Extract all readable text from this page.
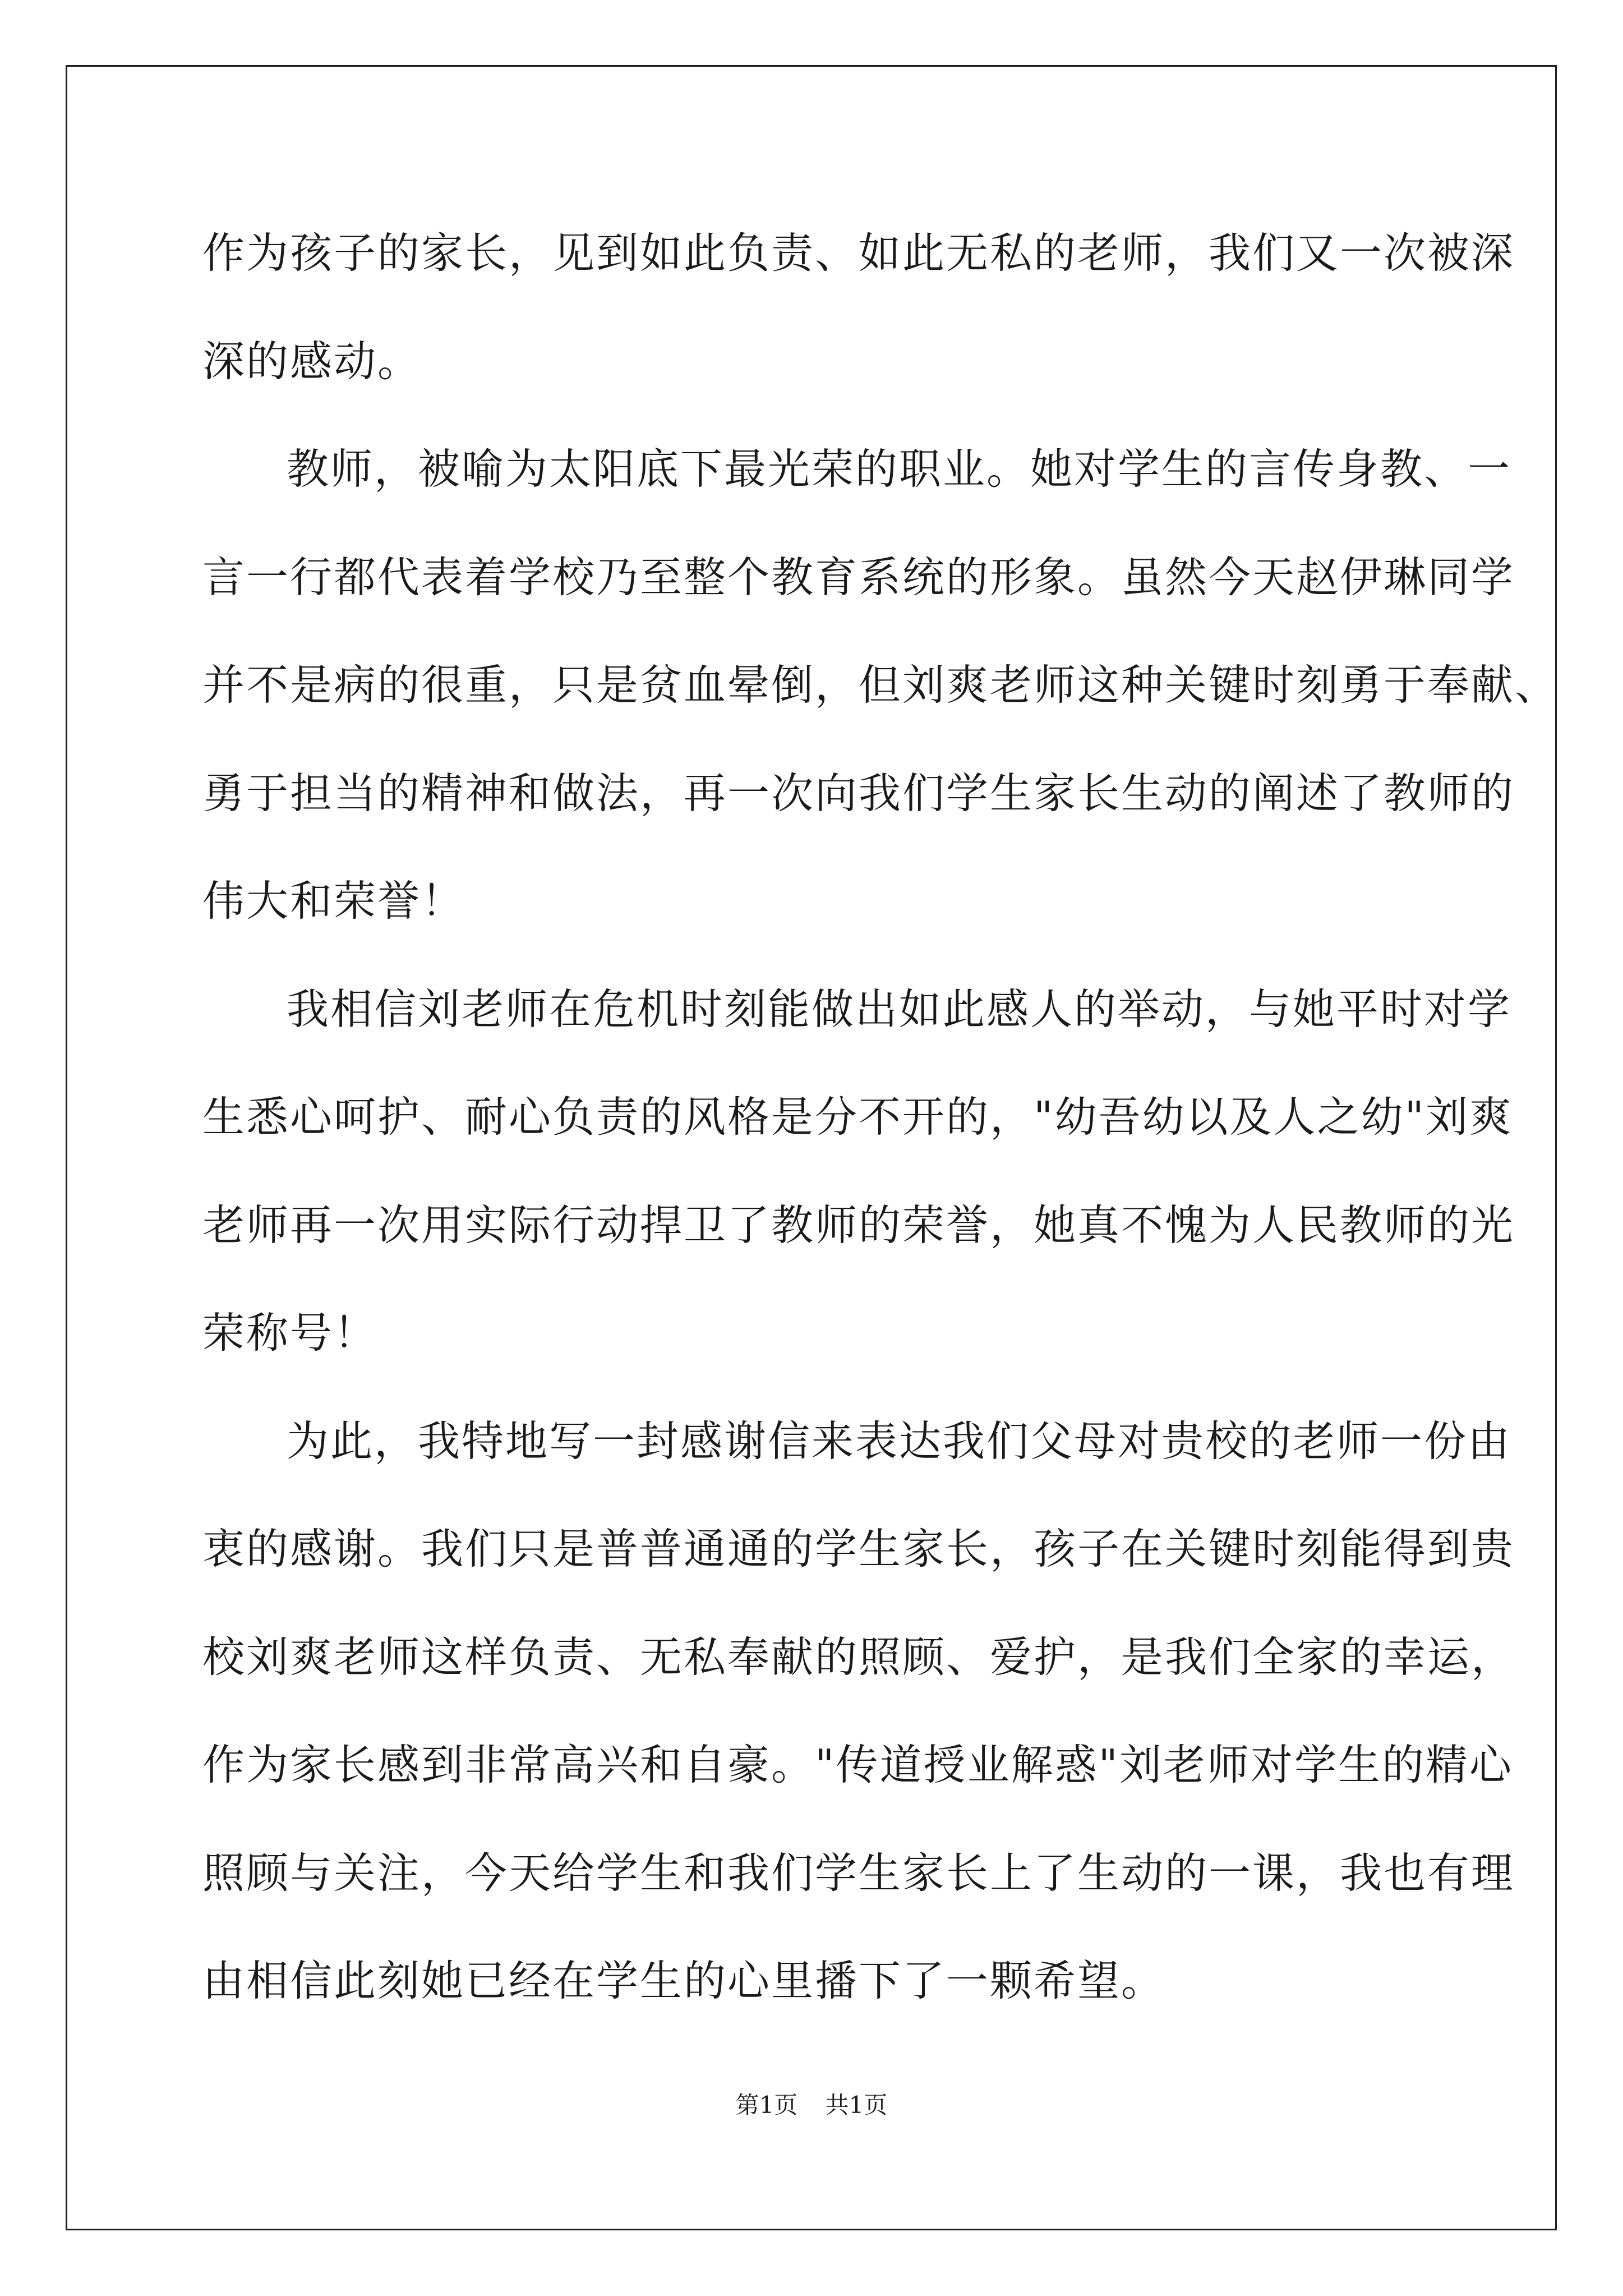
作为孩子的家长，见到如此负责、如此无私的老师，我们又一次被深
深的感动。
教师，被喻为太阳底下最光荣的职业。她对学生的言传身教、一
言一行都代表着学校乃至整个教育系统的形象。虽然今天赵伊琳同学
并不是病的很重，只是贫血晕倒，但刘爽老师这种关键时刻勇于奉献、
勇于担当的精神和做法，再一次向我们学生家长生动的阐述了教师的
伟大和荣誉！
我相信刘老师在危机时刻能做出如此感人的举动，与她平时对学
生悉心呵护、耐心负责的风格是分不开的，"幼吾幼以及人之幼"刘爽
老师再一次用实际行动捍卫了教师的荣誉，她真不愧为人民教师的光
荣称号！
为此，我特地写一封感谢信来表达我们父母对贵校的老师一份由
衷的感谢。我们只是普普通通的学生家长，孩子在关键时刻能得到贵
校刘爽老师这样负责、无私奉献的照顾、爱护，是我们全家的幸运，
作为家长感到非常高兴和自豪。"传道授业解惑"刘老师对学生的精心
照顾与关注，今天给学生和我们学生家长上了生动的一课，我也有理
由相信此刻她已经在学生的心里播下了一颗希望。
第1页 共1页
